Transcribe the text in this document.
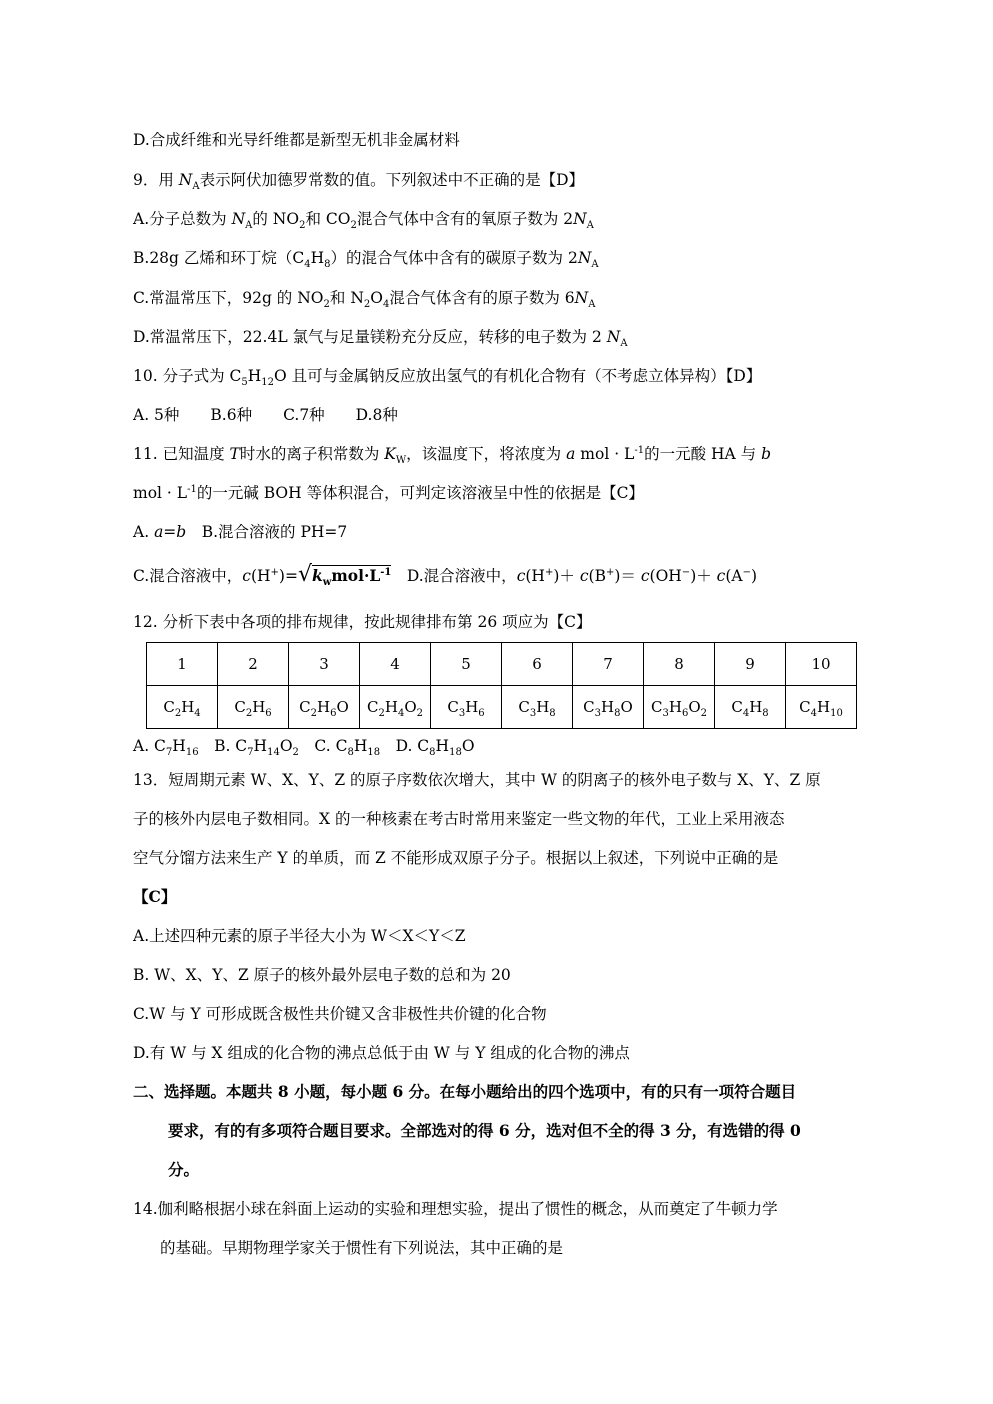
D.合成纤维和光导纤维都是新型无机非金属材料
9．用 $N_A$表示阿伏加德罗常数的值。下列叙述中不正确的是【D】
A.分子总数为 $N_A$的 $NO_2$和 $CO_2$混合气体中含有的氧原子数为 $2N_A$
B.28g 乙烯和环丁烷$(C_4H_8)$的混合气体中含有的碳原子数为 $2N_A$
C.常温常压下，92g 的 $NO_2$和 $N_2O_4$混合气体含有的原子数为 $6N_A$
D.常温常压下，22.4L 氯气与足量镁粉充分反应，转移的电子数为 2 $N_A$
10. 分子式为 $C_5H_{12}O$ 且可与金属钠反应放出氢气的有机化合物有（不考虑立体异构）【D】
A. 5种　　B.6种　　C.7种　　D.8种
11. 已知温度 T时水的离子积常数为 $K_W$，该温度下，将浓度为 a mol · $L^{-1}$的一元酸 HA 与 b
mol · $L^{-1}$的一元碱 BOH 等体积混合，可判定该溶液呈中性的依据是【C】
A. a=b　B.混合溶液的 PH=7
C.混合溶液中，$c(H^+)=√k_wmol\cdot L^{-1}$　D.混合溶液中，c(H+)＋ c(B+)＝ c(OH−)＋ c(A−)
12. 分析下表中各项的排布规律，按此规律排布第 26 项应为【C】
1	2	3	4	5	6	7	8	9	10
$C_2H_4$	$C_2H_6$	$C_2H_6O$	$C_2H_4O_2$	$C_3H_6$	$C_3H_8$	$C_3H_8O$	$C_3H_6O_2$	$C_4H_8$	$C_4H_{10}$
A. $C_7H_{16}$　B. $C_7H_{14}O_2$　C. $C_8H_{18}$　D. $C_8H_{18}O$
13．短周期元素 W、X、Y、Z 的原子序数依次增大，其中 W 的阴离子的核外电子数与 X、Y、Z 原
子的核外内层电子数相同。X 的一种核素在考古时常用来鉴定一些文物的年代，工业上采用液态
空气分馏方法来生产 Y 的单质，而 Z 不能形成双原子分子。根据以上叙述，下列说中正确的是
【C】
A.上述四种元素的原子半径大小为 W＜X＜Y＜Z
B. W、X、Y、Z 原子的核外最外层电子数的总和为 20
C.W 与 Y 可形成既含极性共价键又含非极性共价键的化合物
D.有 W 与 X 组成的化合物的沸点总低于由 W 与 Y 组成的化合物的沸点
二、选择题。本题共 8 小题，每小题 6 分。在每小题给出的四个选项中，有的只有一项符合题目
要求，有的有多项符合题目要求。全部选对的得 6 分，选对但不全的得 3 分，有选错的得 0
分。
14.伽利略根据小球在斜面上运动的实验和理想实验，提出了惯性的概念，从而奠定了牛顿力学
的基础。早期物理学家关于惯性有下列说法，其中正确的是
